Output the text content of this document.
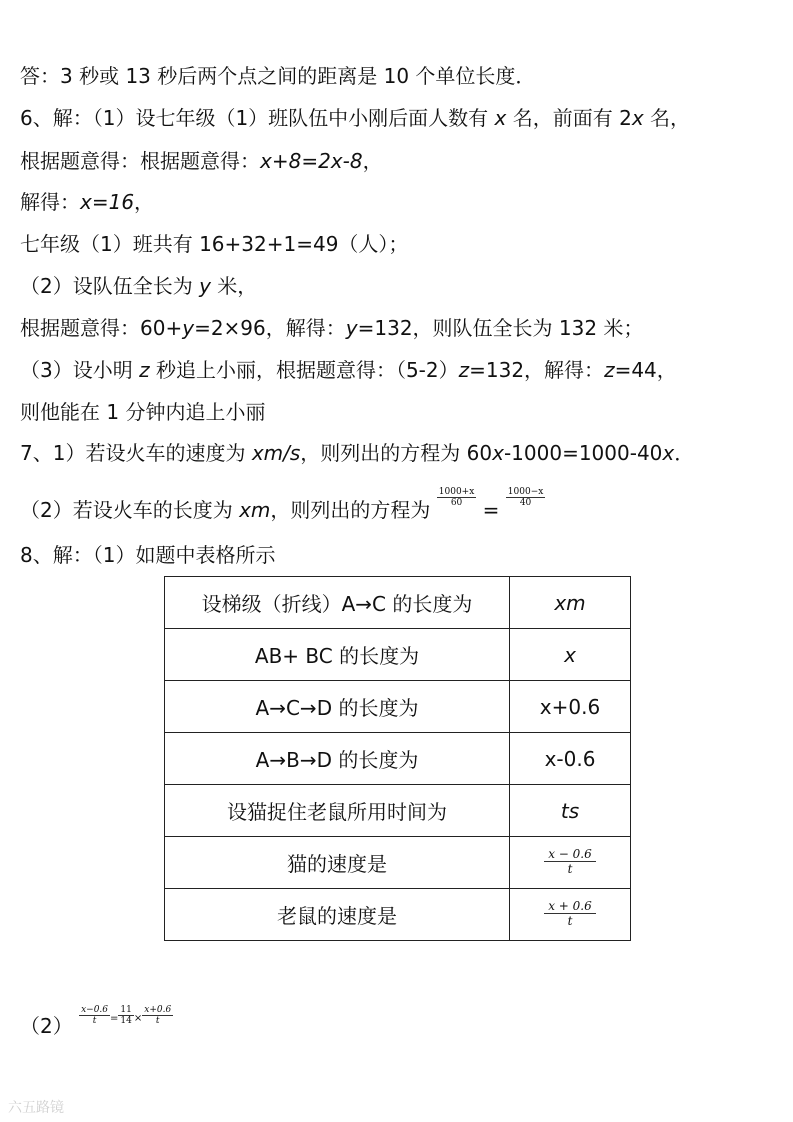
答：3 秒或 13 秒后两个点之间的距离是 10 个单位长度．
6、解：（1）设七年级（1）班队伍中小刚后面人数有 x 名，前面有 2x 名，
根据题意得：根据题意得：x+8=2x-8，
解得：x=16，
七年级（1）班共有 16+32+1=49（人）；
（2）设队伍全长为 y 米，
根据题意得：60+y=2×96，解得：y=132，则队伍全长为 132 米；
（3）设小明 z 秒追上小丽，根据题意得：（5-2）z=132，解得：z=44，
则他能在 1 分钟内追上小丽
7、1）若设火车的速度为 xm/s，则列出的方程为 60x-1000=1000-40x．
（2）若设火车的长度为 xm，则列出的方程为
$\frac{1000+x}{60}$
=
$\frac{1000-x}{40}$
8、解：（1）如题中表格所示
设梯级（折线）A→C 的长度为	xm
AB+ BC 的长度为	x
A→C→D 的长度为	x+0.6
A→B→D 的长度为	x-0.6
设猫捉住老鼠所用时间为	ts
猫的速度是	$\frac{x - 0.6}{t}$

老鼠的速度是	$\frac{x + 0.6}{t}$
$(2) \frac{x-0.6}{t} ^= \frac{11}{14} ^\times \frac{x+0.6}{t}$
六五路镜
